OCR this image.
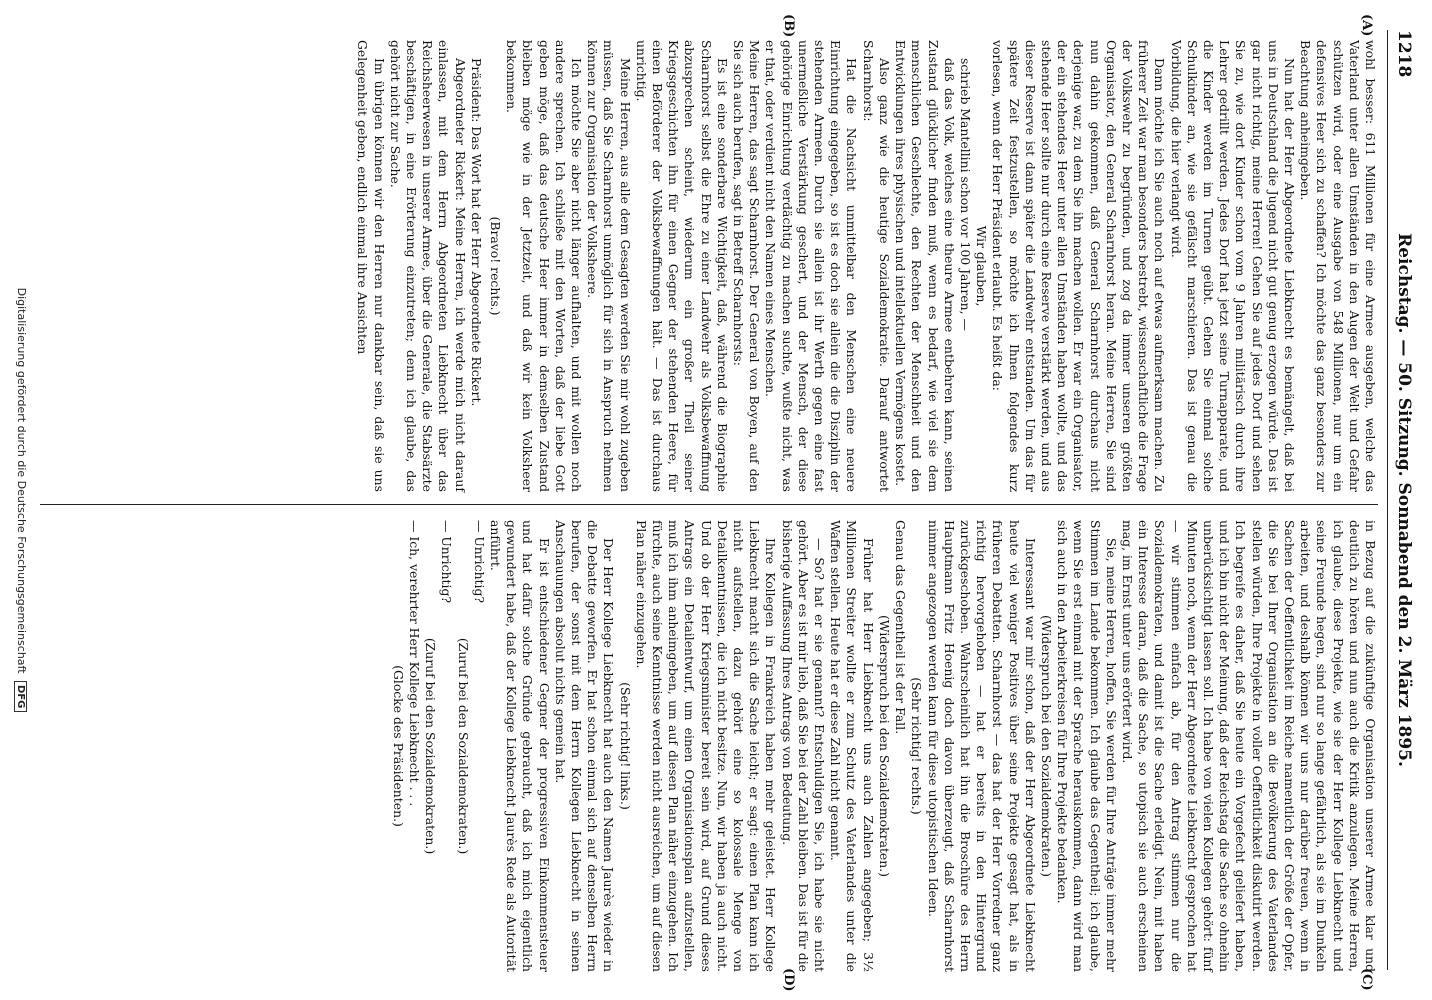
1218
Reichstag. — 50. Sitzung. Sonnabend den 2. März 1895.
(A)
(B)
(C)
(D)

wohl besser: 611 Millionen für eine Armee ausgeben, welche das Vaterland unter allen Umständen in den Augen der Welt und Gefahr schützen wird, oder eine Ausgabe von 548 Millionen, nur um ein defensives Heer sich zu schaffen? Ich möchte das ganz besonders zur Beachtung anheimgeben.

Nun hat der Herr Abgeordnete Liebknecht es bemängelt, daß bei uns in Deutschland die Jugend nicht gut genug erzogen würde. Das ist gar nicht richtig, meine Herren! Gehen Sie auf jedes Dorf und sehen Sie zu, wie dort Kinder schon vom 9 Jahren militärisch durch ihre Lehrer gedrillt werden. Jedes Dorf hat jetzt seine Turnapparate, und die Kinder werden im Turnen geübt. Gehen Sie einmal solche Schulkinder an, wie sie gefälscht marschieren. Das ist genau die Vorbildung, die hier verlangt wird.

Dann möchte ich Sie auch noch auf etwas aufmerksam machen. Zu früherer Zeit war man besonders bestrebt, wissenschaftliche die Frage der Volkswehr zu begründen, und zog da immer unseren größten Organisator, den General Scharnhorst heran. Meine Herren, Sie sind nun dahin gekommen, daß General Scharnhorst durchaus nicht derjenige war, zu dem Sie ihn machen wollen. Er war ein Organisator, der ein stehendes Heer unter allen Umständen haben wollte, und das stehende Heer sollte nur durch eine Reserve verstärkt werden, und aus dieser Reserve ist dann später die Landwehr entstanden. Um das für spätere Zeit festzustellen, so möchte ich Ihnen folgendes kurz vorlesen, wenn der Herr Präsident erlaubt. Es heißt da:

Wir glauben,

schrieb Mantellini schon vor 100 Jahren, —

daß das Volk, welches eine theure Armee entbehren kann, seinen Zustand glücklicher finden muß, wenn es bedarf, wie viel sie dem menschlichen Geschlechte, den Rechten der Menschheit und den Entwicklungen ihres physischen und intellektuellen Vermögens kostet.

Also ganz wie die heutige Sozialdemokratie. Darauf antwortet Scharnhorst:

Hat die Nachsicht unmittelbar den Menschen eine neuere Einrichtung eingegeben, so ist es doch sie allein die die Disziplin der stehenden Armeen. Durch sie allein ist ihr Werth gegen eine fast unermeßliche Verstärkung geschert, und der Mensch, der diese gehörige Einrichtung verdächtig zu machen suchte, wußte nicht, was er that, oder verdient nicht den Namen eines Menschen.

Meine Herren, das sagt Scharnhorst. Der General von Boyen, auf den Sie sich auch berufen, sagt in Betreff Scharnhorsts:

Es ist eine sonderbare Wichtigkeit, daß, während die Biographie Scharnhorst selbst die Ehre zu einer Landwehr als Volksbewaffnung abzusprechen scheint, wiederum ein großer Theil seiner Kriegsgeschichten ihn für einen Gegner der stehenden Heere, für einen Beförderer der Volksbewaffnungen hält. — Das ist durchaus unrichtig.

Meine Herren, aus alle dem Gesagten werden Sie mir wohl zugeben müssen, daß Sie Scharnhorst unmöglich für sich in Anspruch nehmen können zur Organisation der Volksheere.

Ich möchte Sie aber nicht länger aufhalten, und mit wollen noch andere sprechen. Ich schließe mit den Worten, daß der liebe Gott geben möge, daß das deutsche Heer immer in demselben Zustand bleiben möge wie in der Jetztzeit, und daß wir kein Volksheer bekommen.

(Bravo! rechts.)

Präsident: Das Wort hat der Herr Abgeordnete Rickert.

Abgeordneter Rickert: Meine Herren, ich werde mich nicht darauf einlassen, mit dem Herrn Abgeordneten Liebknecht über das Reichsheerwesen in unserer Armee, über die Generale, die Stabsärzte beschäftigen, in eine Erörterung einzutreten; denn ich glaube, das gehört nicht zur Sache.

Im übrigen können wir den Herren nur dankbar sein, daß sie uns Gelegenheit geben, endlich einmal ihre Ansichten

in Bezug auf die zukünftige Organisation unserer Armee klar und deutlich zu hören und nun auch die Kritik anzulegen. Meine Herren, ich glaube, diese Projekte, wie sie der Herr Kollege Liebknecht und seine Freunde hegen, sind nur so lange gefährlich, als sie im Dunkeln arbeiten, und deshalb können wir uns nur darüber freuen, wenn in Sachen der Oeffentlichkeit im Reiche namentlich der Größe der Opfer, die Sie bei Ihrer Organisation an die Bevölkerung des Vaterlandes stellen würden, Ihre Projekte in voller Oeffentlichkeit diskutirt werden. Ich begreife es daher, daß Sie heute ein Vorgefecht geliefert haben, und ich bin nicht der Meinung, daß der Reichstag die Sache so ohnehin unberücksichtigt lassen soll. Ich habe von vielen Kollegen gehört: fünf Minuten noch, wenn der Herr Abgeordnete Liebknecht gesprochen hat — wir stimmen einfach ab, für den Antrag stimmen nur die Sozialdemokraten, und damit ist die Sache erledigt. Nein, mit haben ein Interesse daran, daß die Sache, so utopisch sie auch erscheinen mag, im Ernst unter uns erörtert wird.

Sie, meine Herren, hoffen, Sie werden für Ihre Anträge immer mehr Stimmen im Lande bekommen. Ich glaube das Gegentheil; ich glaube, wenn Sie erst einmal mit der Sprache herauskommen, dann wird man sich auch in den Arbeiterkreisen für Ihre Projekte bedanken.

(Widerspruch bei den Sozialdemokraten.)

Interessant war mir schon, daß der Herr Abgeordnete Liebknecht heute viel weniger Positives über seine Projekte gesagt hat, als in früheren Debatten. Scharnhorst — das hat der Herr Vorredner ganz richtig hervorgehoben — hat er bereits in den Hintergrund zurückgeschoben. Wahrscheinlich hat ihn die Broschüre des Herrn Hauptmann Fritz Hoenig doch davon überzeugt, daß Scharnhorst nimmer angezogen werden kann für diese utopistischen Ideen.

(Sehr richtig! rechts.)

Genau das Gegentheil ist der Fall.

(Widerspruch bei den Sozialdemokraten.)

Früher hat Herr Liebknecht uns auch Zahlen angegeben; 3½ Millionen Streiter wollte er zum Schutz des Vaterlandes unter die Waffen stellen. Heute hat er diese Zahl nicht genannt.

— So? hat er sie genannt? Entschuldigen Sie, ich habe sie nicht gehört. Aber es ist mir lieb, daß Sie bei der Zahl bleiben. Das ist für die bisherige Auffassung Ihres Antrags von Bedeutung.

Ihre Kollegen in Frankreich haben mehr geleistet. Herr Kollege Liebknecht macht sich die Sache leicht; er sagt: einen Plan kann ich nicht aufstellen, dazu gehört eine so kolossale Menge von Detailkenntnissen, die ich nicht besitze. Nun, wir haben ja auch nicht. Und ob der Herr Kriegsminister bereit sein wird, auf Grund dieses Antrags ein Detailentwurf, um einen Organisationsplan aufzustellen, muß ich ihm anheimgeben, um auf diesen Plan näher einzugehen. Ich fürchte, auch seine Kenntnisse werden nicht ausreichen, um auf diesen Plan näher einzugehen.

(Sehr richtig! links.)

Der Herr Kollege Liebknecht hat auch den Namen Jaurès wieder in die Debatte geworfen. Er hat schon einmal sich auf denselben Herrn berufen, der sonst mit dem Herrn Kollegen Liebknecht in seinen Anschauungen absolut nichts gemein hat.

Er ist entschiedener Gegner der progressiven Einkommensteuer und hat dafür solche Gründe gebraucht, daß ich mich eigentlich gewundert habe, daß der Kollege Liebknecht Jaurès Rede als Autorität anführt.

— Unrichtig?

(Zuruf bei den Sozialdemokraten.)

— Unrichtig?

(Zuruf bei den Sozialdemokraten.)

— Ich, verehrter Herr Kollege Liebknecht . . .

(Glocke des Präsidenten.)

Digitalisierung gefördert durch die Deutsche Forschungsgemeinschaft DFG
